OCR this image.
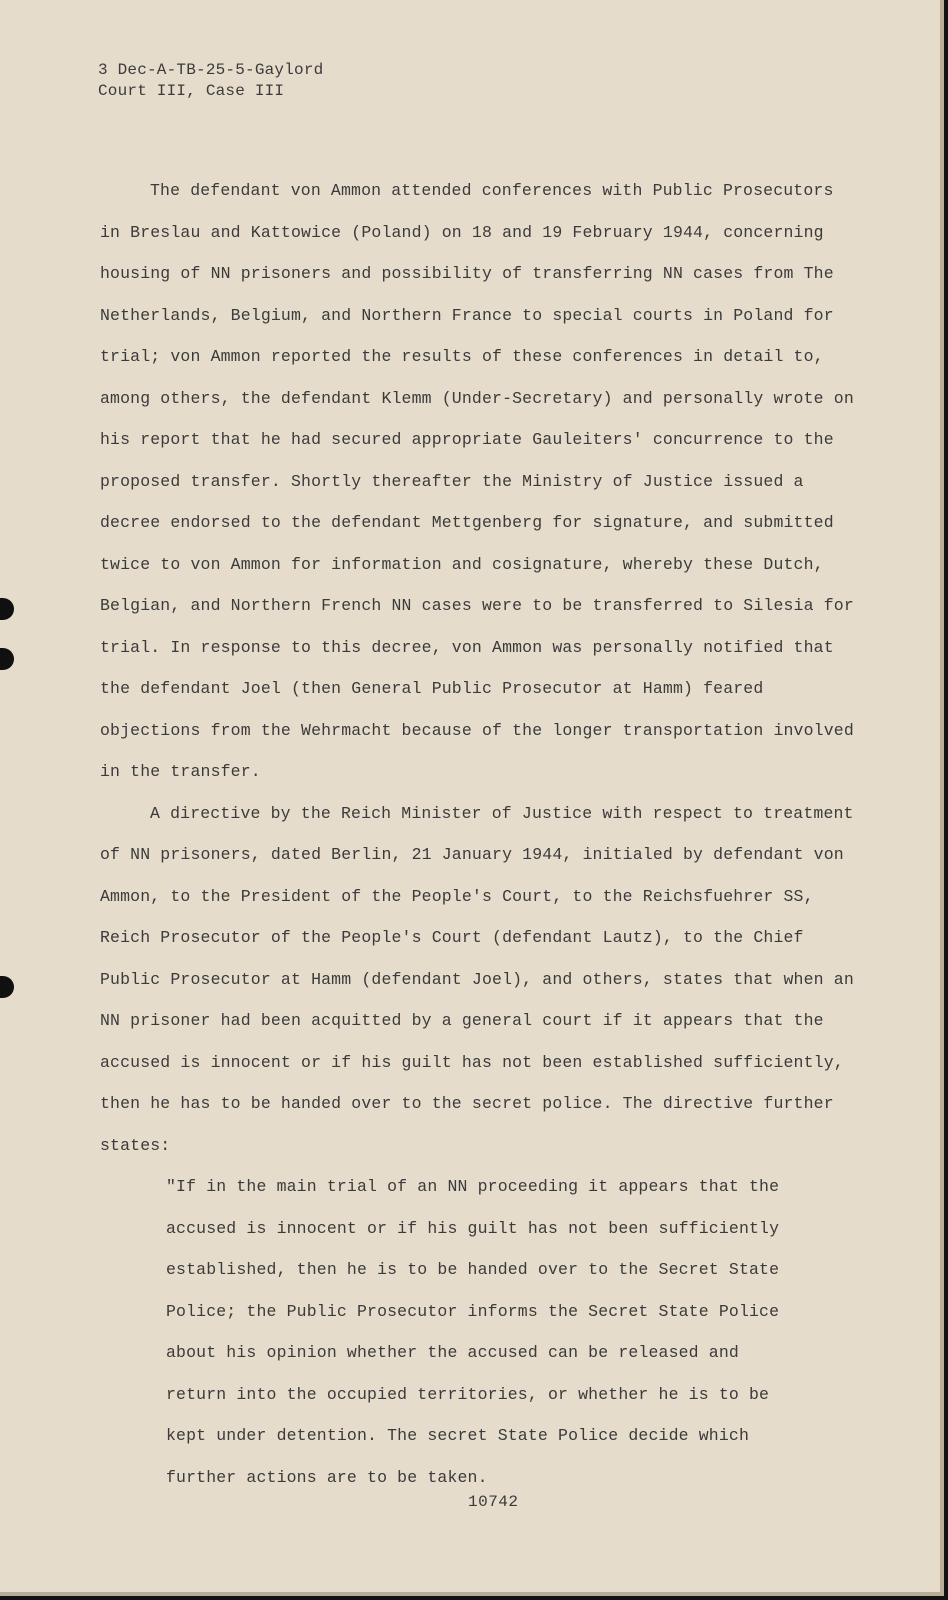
3 Dec-A-TB-25-5-Gaylord
Court III, Case III

The defendant von Ammon attended conferences with Public Prosecutors in Breslau and Kattowice (Poland) on 18 and 19 February 1944, concerning housing of NN prisoners and possibility of transferring NN cases from The Netherlands, Belgium, and Northern France to special courts in Poland for trial; von Ammon reported the results of these conferences in detail to, among others, the defendant Klemm (Under-Secretary) and personally wrote on his report that he had secured appropriate Gauleiters' concurrence to the proposed transfer. Shortly thereafter the Ministry of Justice issued a decree endorsed to the defendant Mettgenberg for signature, and submitted twice to von Ammon for information and cosignature, whereby these Dutch, Belgian, and Northern French NN cases were to be transferred to Silesia for trial. In response to this decree, von Ammon was personally notified that the defendant Joel (then General Public Prosecutor at Hamm) feared objections from the Wehrmacht because of the longer transportation involved in the transfer.

A directive by the Reich Minister of Justice with respect to treatment of NN prisoners, dated Berlin, 21 January 1944, initialed by defendant von Ammon, to the President of the People's Court, to the Reichsfuehrer SS, Reich Prosecutor of the People's Court (defendant Lautz), to the Chief Public Prosecutor at Hamm (defendant Joel), and others, states that when an NN prisoner had been acquitted by a general court if it appears that the accused is innocent or if his guilt has not been established sufficiently, then he has to be handed over to the secret police. The directive further states:

"If in the main trial of an NN proceeding it appears that the accused is innocent or if his guilt has not been sufficiently established, then he is to be handed over to the Secret State Police; the Public Prosecutor informs the Secret State Police about his opinion whether the accused can be released and return into the occupied territories, or whether he is to be kept under detention. The secret State Police decide which further actions are to be taken.

10742
